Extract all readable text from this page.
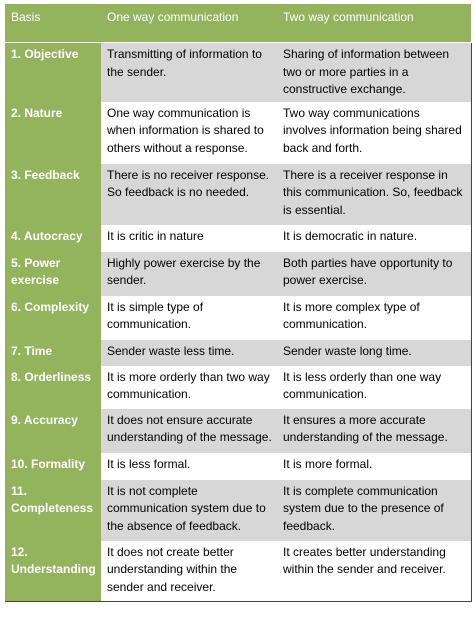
Basis	One way communication	Two way communication
1. Objective	Transmitting of information to the sender.	Sharing of information between two or more parties in a constructive exchange.
2. Nature	One way communication is when information is shared to others without a response.	Two way communications involves information being shared back and forth.
3. Feedback	There is no receiver response. So feedback is no needed.	There is a receiver response in this communication. So, feedback is essential.
4. Autocracy	It is critic in nature	It is democratic in nature.
5. Power exercise	Highly power exercise by the sender.	Both parties have opportunity to power exercise.
6. Complexity	It is simple type of communication.	It is more complex type of communication.
7. Time	Sender waste less time.	Sender waste long time.
8. Orderliness	It is more orderly than two way communication.	It is less orderly than one way communication.
9. Accuracy	It does not ensure accurate understanding of the message.	It ensures a more accurate understanding of the message.
10. Formality	It is less formal.	It is more formal.
11. Completeness	It is not complete communication system due to the absence of feedback.	It is complete communication system due to the presence of feedback.
12. Understanding	It does not create better understanding within the sender and receiver.	It creates better understanding within the sender and receiver.
